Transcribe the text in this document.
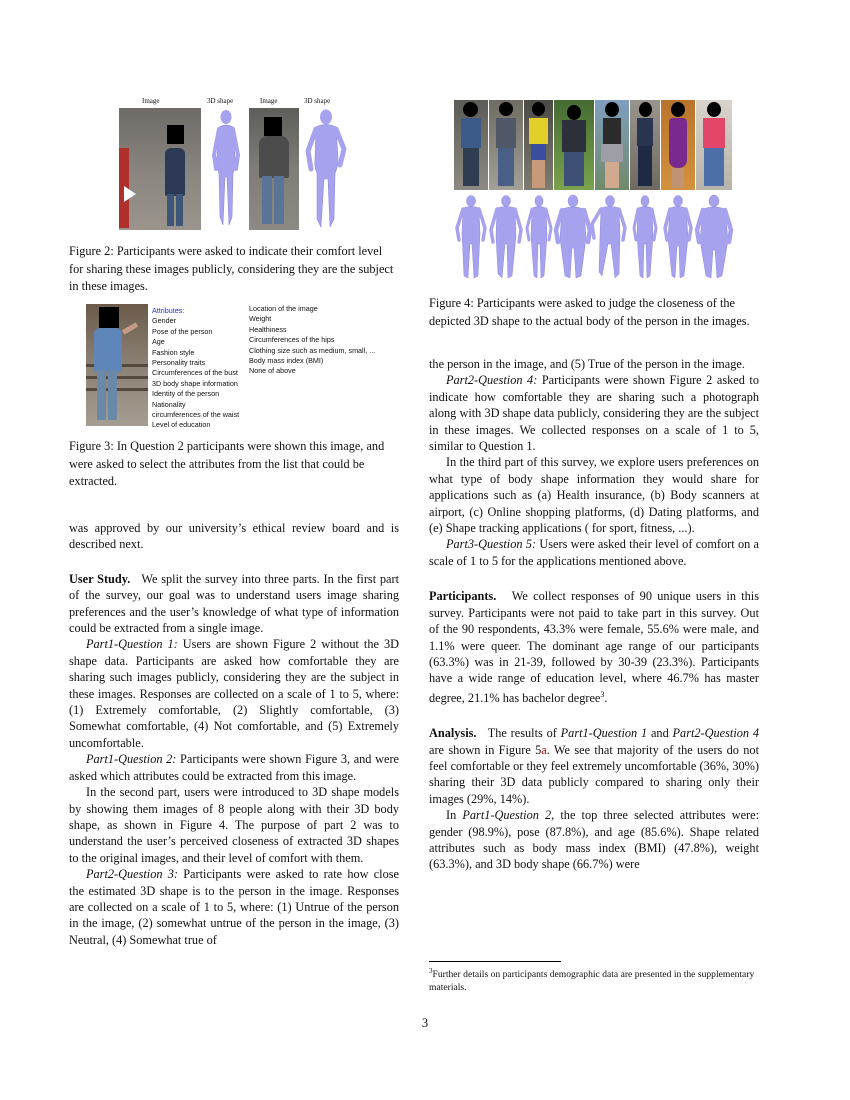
Image	3D shape	Image	3D shape
Figure 2: Participants were asked to indicate their comfort level for sharing these images publicly, considering they are the subject in these images.
Attributes:
Gender
Pose of the person
Age
Fashion style
Personality traits
Circumferences of the bust
3D body shape information
Identity of the person
Nationality
circumferences of the waist
Level of education
Location of the image
Weight
Healthiness
Circumferences of the hips
Clothing size such as medium, small, ...
Body mass index (BMI)
None of above
Figure 3: In Question 2 participants were shown this image, and were asked to select the attributes from the list that could be extracted.

was approved by our university’s ethical review board and is described next.

User Study.   We split the survey into three parts. In the first part of the survey, our goal was to understand users image sharing preferences and the user’s knowledge of what type of information could be extracted from a single image.

Part1-Question 1: Users are shown Figure 2 without the 3D shape data. Participants are asked how comfortable they are sharing such images publicly, considering they are the subject in these images. Responses are collected on a scale of 1 to 5, where: (1) Extremely comfortable, (2) Slightly comfortable, (3) Somewhat comfortable, (4) Not comfortable, and (5) Extremely uncomfortable.

Part1-Question 2: Participants were shown Figure 3, and were asked which attributes could be extracted from this image.

In the second part, users were introduced to 3D shape models by showing them images of 8 people along with their 3D body shape, as shown in Figure 4. The purpose of part 2 was to understand the user’s perceived closeness of extracted 3D shapes to the original images, and their level of comfort with them.

Part2-Question 3: Participants were asked to rate how close the estimated 3D shape is to the person in the image. Responses are collected on a scale of 1 to 5, where: (1) Untrue of the person in the image, (2) somewhat untrue of the person in the image, (3) Neutral, (4) Somewhat true of

Figure 4: Participants were asked to judge the closeness of the depicted 3D shape to the actual body of the person in the images.

the person in the image, and (5) True of the person in the image.

Part2-Question 4: Participants were shown Figure 2 asked to indicate how comfortable they are sharing such a photograph along with 3D shape data publicly, considering they are the subject in these images. We collected responses on a scale of 1 to 5, similar to Question 1.

In the third part of this survey, we explore users preferences on what type of body shape information they would share for applications such as (a) Health insurance, (b) Body scanners at airport, (c) Online shopping platforms, (d) Dating platforms, and (e) Shape tracking applications ( for sport, fitness, ...).

Part3-Question 5: Users were asked their level of comfort on a scale of 1 to 5 for the applications mentioned above.

Participants.   We collect responses of 90 unique users in this survey. Participants were not paid to take part in this survey. Out of the 90 respondents, 43.3% were female, 55.6% were male, and 1.1% were queer. The dominant age range of our participants (63.3%) was in 21-39, followed by 30-39 (23.3%). Participants have a wide range of education level, where 46.7% has master degree, 21.1% has bachelor degree$^3$.

Analysis.   The results of Part1-Question 1 and Part2-Question 4 are shown in Figure 5a. We see that majority of the users do not feel comfortable or they feel extremely uncomfortable (36%, 30%) sharing their 3D data publicly compared to sharing only their images (29%, 14%).

In Part1-Question 2, the top three selected attributes were: gender (98.9%), pose (87.8%), and age (85.6%). Shape related attributes such as body mass index (BMI) (47.8%), weight (63.3%), and 3D body shape (66.7%) were

$^3$Further details on participants demographic data are presented in the supplementary materials.
3
